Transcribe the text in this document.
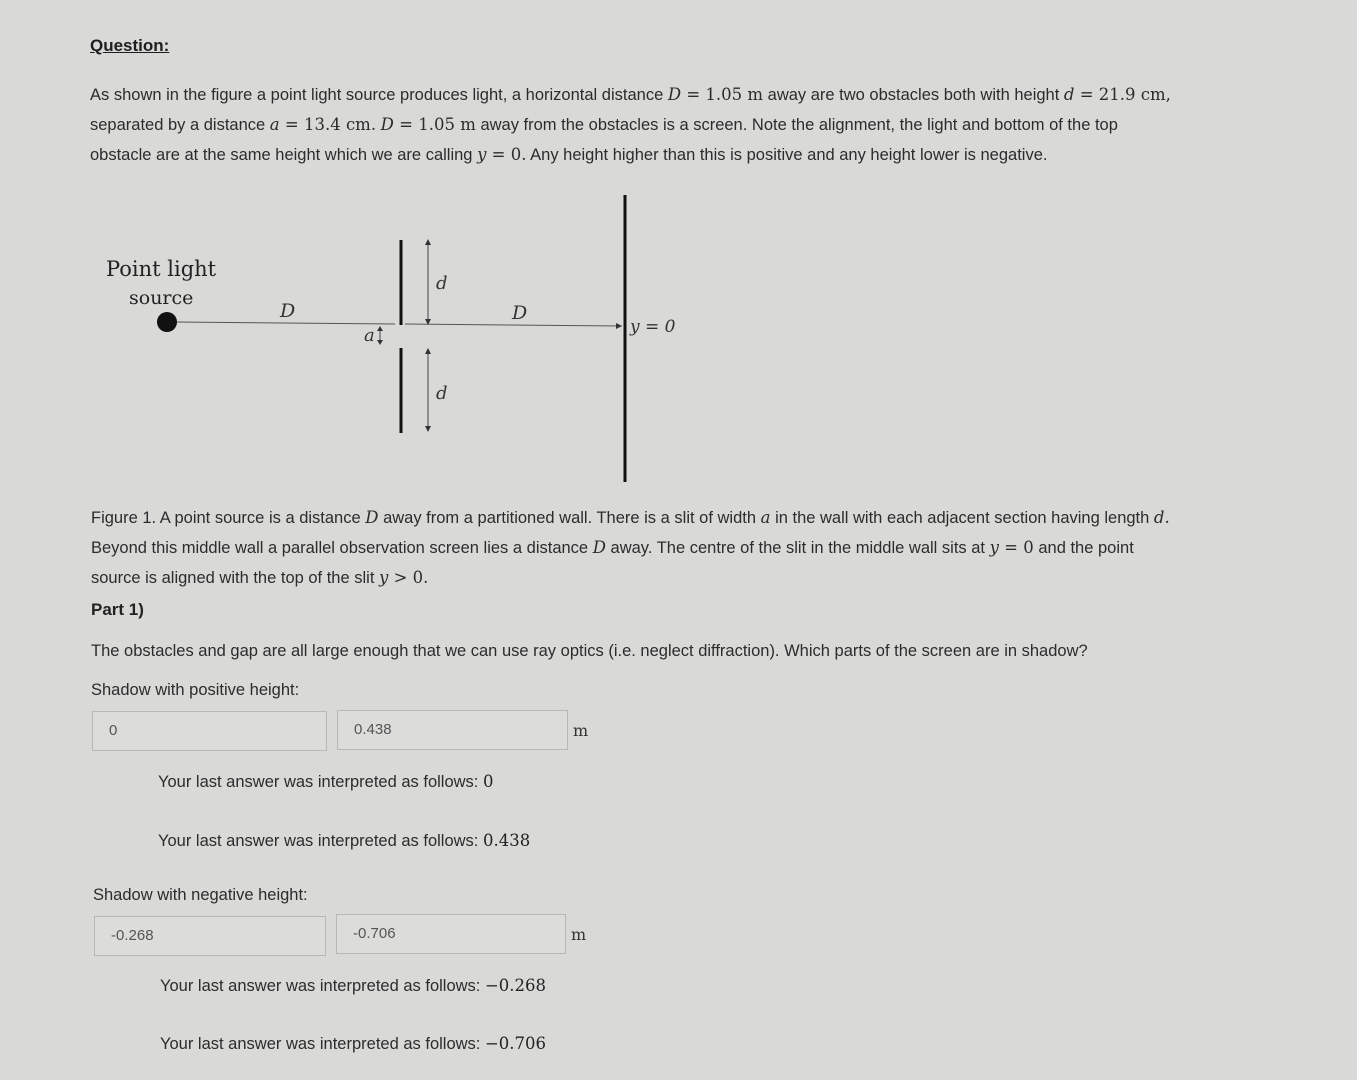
Question:
As shown in the figure a point light source produces light, a horizontal distance D = 1.05 m away are two obstacles both with height d = 21.9 cm,
separated by a distance a = 13.4 cm. D = 1.05 m away from the obstacles is a screen. Note the alignment, the light and bottom of the top
obstacle are at the same height which we are calling y = 0. Any height higher than this is positive and any height lower is negative.
Point light
source
D	D
d
d
a	y = 0
Figure 1. A point source is a distance D away from a partitioned wall. There is a slit of width a in the wall with each adjacent section having length d.
Beyond this middle wall a parallel observation screen lies a distance D away. The centre of the slit in the middle wall sits at y = 0 and the point
source is aligned with the top of the slit y > 0.
Part 1)
The obstacles and gap are all large enough that we can use ray optics (i.e. neglect diffraction). Which parts of the screen are in shadow?
Shadow with positive height:
0	0.438	m
Your last answer was interpreted as follows: 0
Your last answer was interpreted as follows: 0.438
Shadow with negative height:
-0.268	-0.706	m
Your last answer was interpreted as follows: −0.268
Your last answer was interpreted as follows: −0.706
